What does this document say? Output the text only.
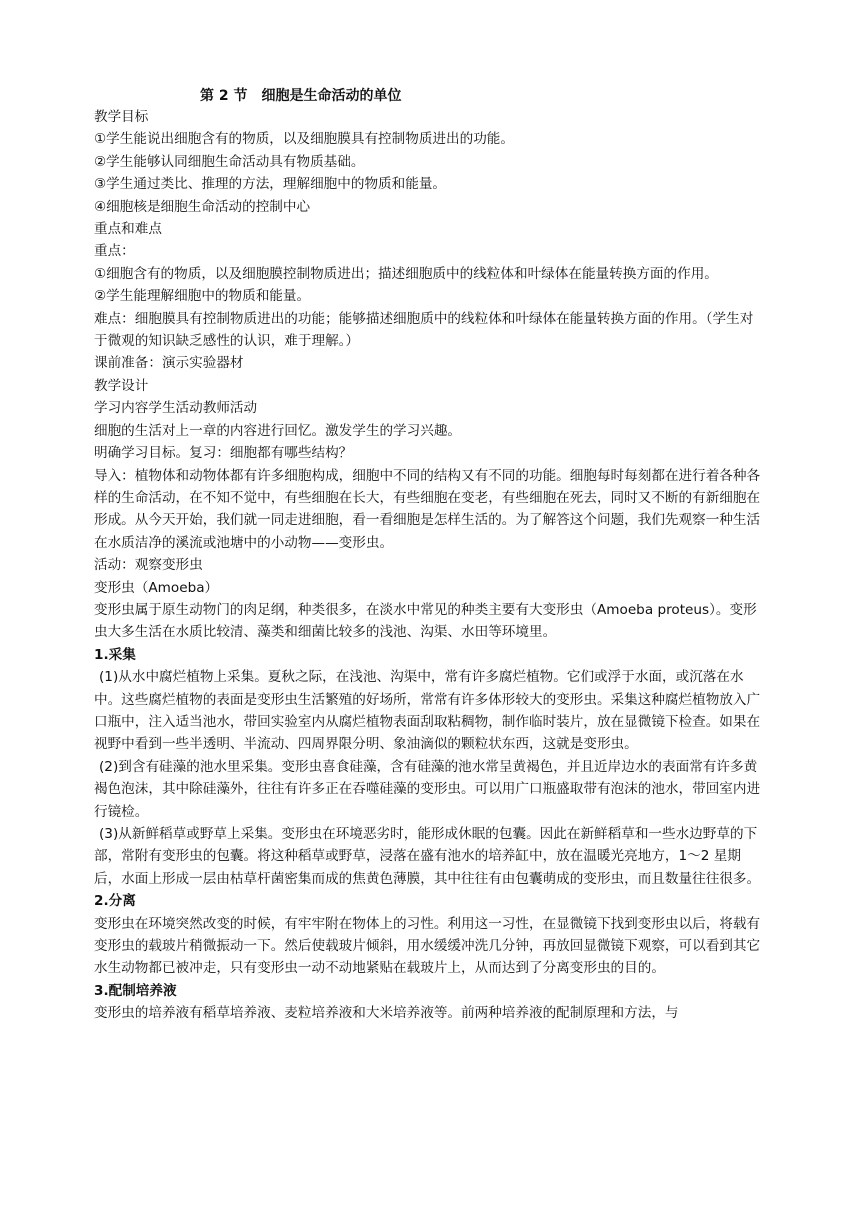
第 2 节　细胞是生命活动的单位

教学目标

①学生能说出细胞含有的物质，以及细胞膜具有控制物质进出的功能。

②学生能够认同细胞生命活动具有物质基础。

③学生通过类比、推理的方法，理解细胞中的物质和能量。

④细胞核是细胞生命活动的控制中心

重点和难点

重点：

①细胞含有的物质，以及细胞膜控制物质进出；描述细胞质中的线粒体和叶绿体在能量转换方面的作用。

②学生能理解细胞中的物质和能量。

难点：细胞膜具有控制物质进出的功能；能够描述细胞质中的线粒体和叶绿体在能量转换方面的作用。（学生对于微观的知识缺乏感性的认识，难于理解。）

课前准备：演示实验器材

教学设计

学习内容学生活动教师活动

细胞的生活对上一章的内容进行回忆。激发学生的学习兴趣。

明确学习目标。复习：细胞都有哪些结构？

导入：植物体和动物体都有许多细胞构成，细胞中不同的结构又有不同的功能。细胞每时每刻都在进行着各种各样的生命活动，在不知不觉中，有些细胞在长大，有些细胞在变老，有些细胞在死去，同时又不断的有新细胞在形成。从今天开始，我们就一同走进细胞，看一看细胞是怎样生活的。为了解答这个问题，我们先观察一种生活在水质洁净的溪流或池塘中的小动物——变形虫。

活动：观察变形虫

变形虫（Amoeba）

变形虫属于原生动物门的肉足纲，种类很多，在淡水中常见的种类主要有大变形虫（Amoeba proteus）。变形虫大多生活在水质比较清、藻类和细菌比较多的浅池、沟渠、水田等环境里。

1.采集

(1)从水中腐烂植物上采集。夏秋之际，在浅池、沟渠中，常有许多腐烂植物。它们或浮于水面，或沉落在水中。这些腐烂植物的表面是变形虫生活繁殖的好场所，常常有许多体形较大的变形虫。采集这种腐烂植物放入广口瓶中，注入适当池水，带回实验室内从腐烂植物表面刮取粘稠物，制作临时装片，放在显微镜下检查。如果在视野中看到一些半透明、半流动、四周界限分明、象油滴似的颗粒状东西，这就是变形虫。

(2)到含有硅藻的池水里采集。变形虫喜食硅藻，含有硅藻的池水常呈黄褐色，并且近岸边水的表面常有许多黄褐色泡沫，其中除硅藻外，往往有许多正在吞噬硅藻的变形虫。可以用广口瓶盛取带有泡沫的池水，带回室内进行镜检。

(3)从新鲜稻草或野草上采集。变形虫在环境恶劣时，能形成休眠的包囊。因此在新鲜稻草和一些水边野草的下部，常附有变形虫的包囊。将这种稻草或野草，浸落在盛有池水的培养缸中，放在温暖光亮地方，1～2 星期后，水面上形成一层由枯草杆菌密集而成的焦黄色薄膜，其中往往有由包囊萌成的变形虫，而且数量往往很多。

2.分离

变形虫在环境突然改变的时候，有牢牢附在物体上的习性。利用这一习性，在显微镜下找到变形虫以后，将载有变形虫的载玻片稍微振动一下。然后使载玻片倾斜，用水缓缓冲洗几分钟，再放回显微镜下观察，可以看到其它水生动物都已被冲走，只有变形虫一动不动地紧贴在载玻片上，从而达到了分离变形虫的目的。

3.配制培养液

变形虫的培养液有稻草培养液、麦粒培养液和大米培养液等。前两种培养液的配制原理和方法，与
